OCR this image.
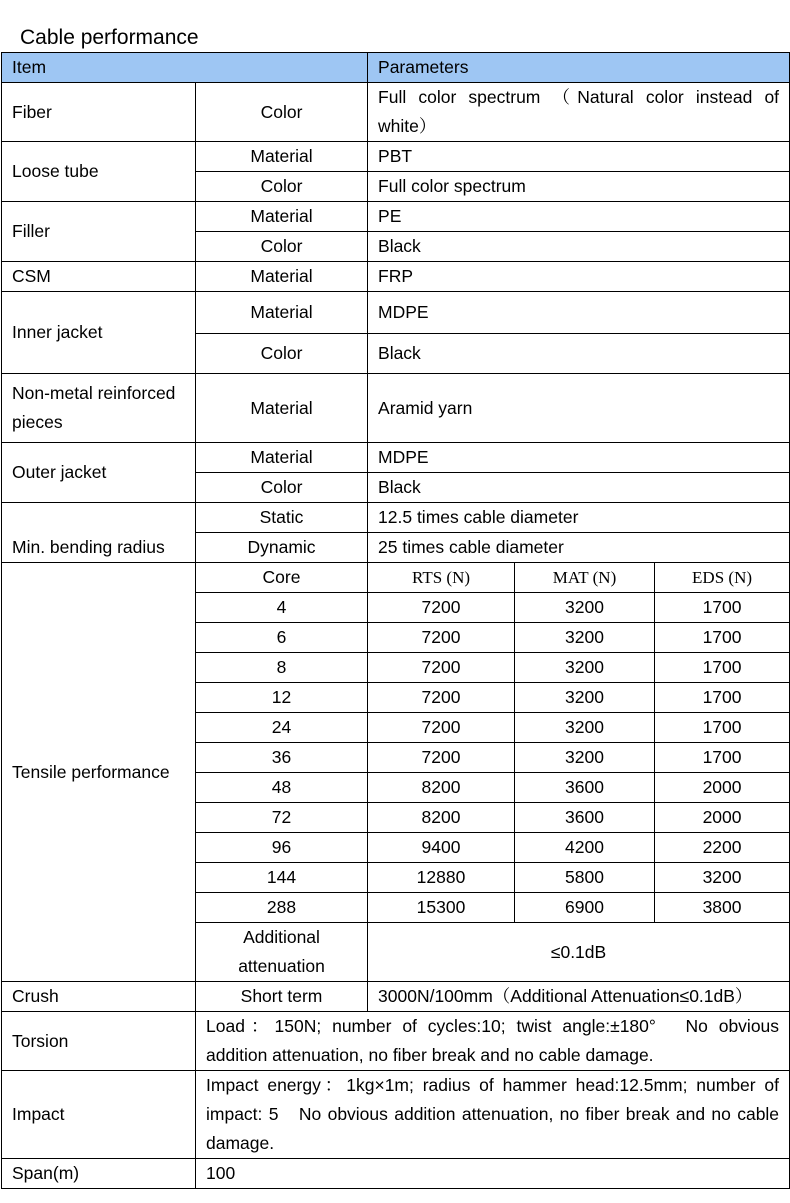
Cable performance
Item		Parameters		
Fiber	Color	Full color spectrum （Natural color instead of white）		
Loose tube	Material	PBT		
	Color	Full color spectrum		
Filler	Material	PE		
	Color	Black		
CSM	Material	FRP		
Inner jacket	Material	MDPE		
	Color	Black		
Non-metal reinforced pieces	Material	Aramid yarn		
Outer jacket	Material	MDPE		
	Color	Black		
Min. bending radius	Static	12.5 times cable diameter		
	Dynamic	25 times cable diameter		
Tensile performance	Core	RTS (N)	MAT (N)	EDS (N)
	4	7200	3200	1700
	6	7200	3200	1700
	8	7200	3200	1700
	12	7200	3200	1700
	24	7200	3200	1700
	36	7200	3200	1700
	48	8200	3600	2000
	72	8200	3600	2000
	96	9400	4200	2200
	144	12880	5800	3200
	288	15300	6900	3800
	Additional attenuation	≤0.1dB		
Crush	Short term	3000N/100mm（Additional Attenuation≤0.1dB）		
Torsion	Load：150N; number of cycles:10; twist angle:±180°　No obvious addition attenuation, no fiber break and no cable damage.			
Impact	Impact energy：1kg×1m; radius of hammer head:12.5mm; number of impact: 5　No obvious addition attenuation, no fiber break and no cable damage.			
Span(m)	100			
